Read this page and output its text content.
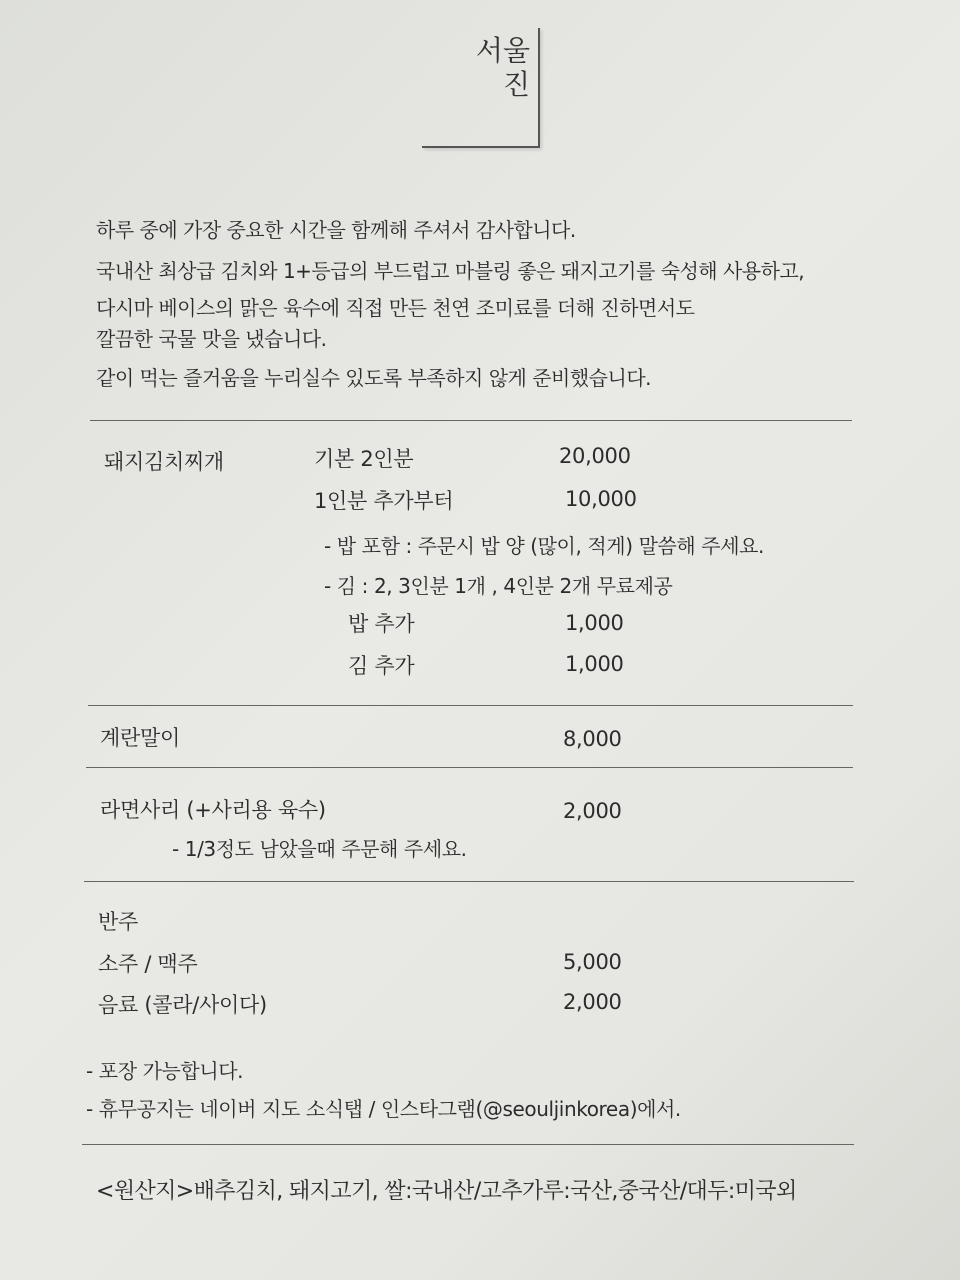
서울진
하루 중에 가장 중요한 시간을 함께해 주셔서 감사합니다.
국내산 최상급 김치와 1+등급의 부드럽고 마블링 좋은 돼지고기를 숙성해 사용하고,
다시마 베이스의 맑은 육수에 직접 만든 천연 조미료를 더해 진하면서도
깔끔한 국물 맛을 냈습니다.
같이 먹는 즐거움을 누리실수 있도록 부족하지 않게 준비했습니다.
돼지김치찌개	기본 2인분	20,000
1인분 추가부터	10,000
- 밥 포함 : 주문시 밥 양 (많이, 적게) 말씀해 주세요.
- 김 : 2, 3인분 1개 , 4인분 2개 무료제공
밥 추가	1,000
김 추가	1,000
계란말이	8,000
라면사리 (+사리용 육수)	2,000
- 1/3정도 남았을때 주문해 주세요.
반주
소주 / 맥주	5,000
음료 (콜라/사이다)	2,000
- 포장 가능합니다.
- 휴무공지는 네이버 지도 소식탭 / 인스타그램(@seouljinkorea)에서.
<원산지>배추김치, 돼지고기, 쌀:국내산/고추가루:국산,중국산/대두:미국외
